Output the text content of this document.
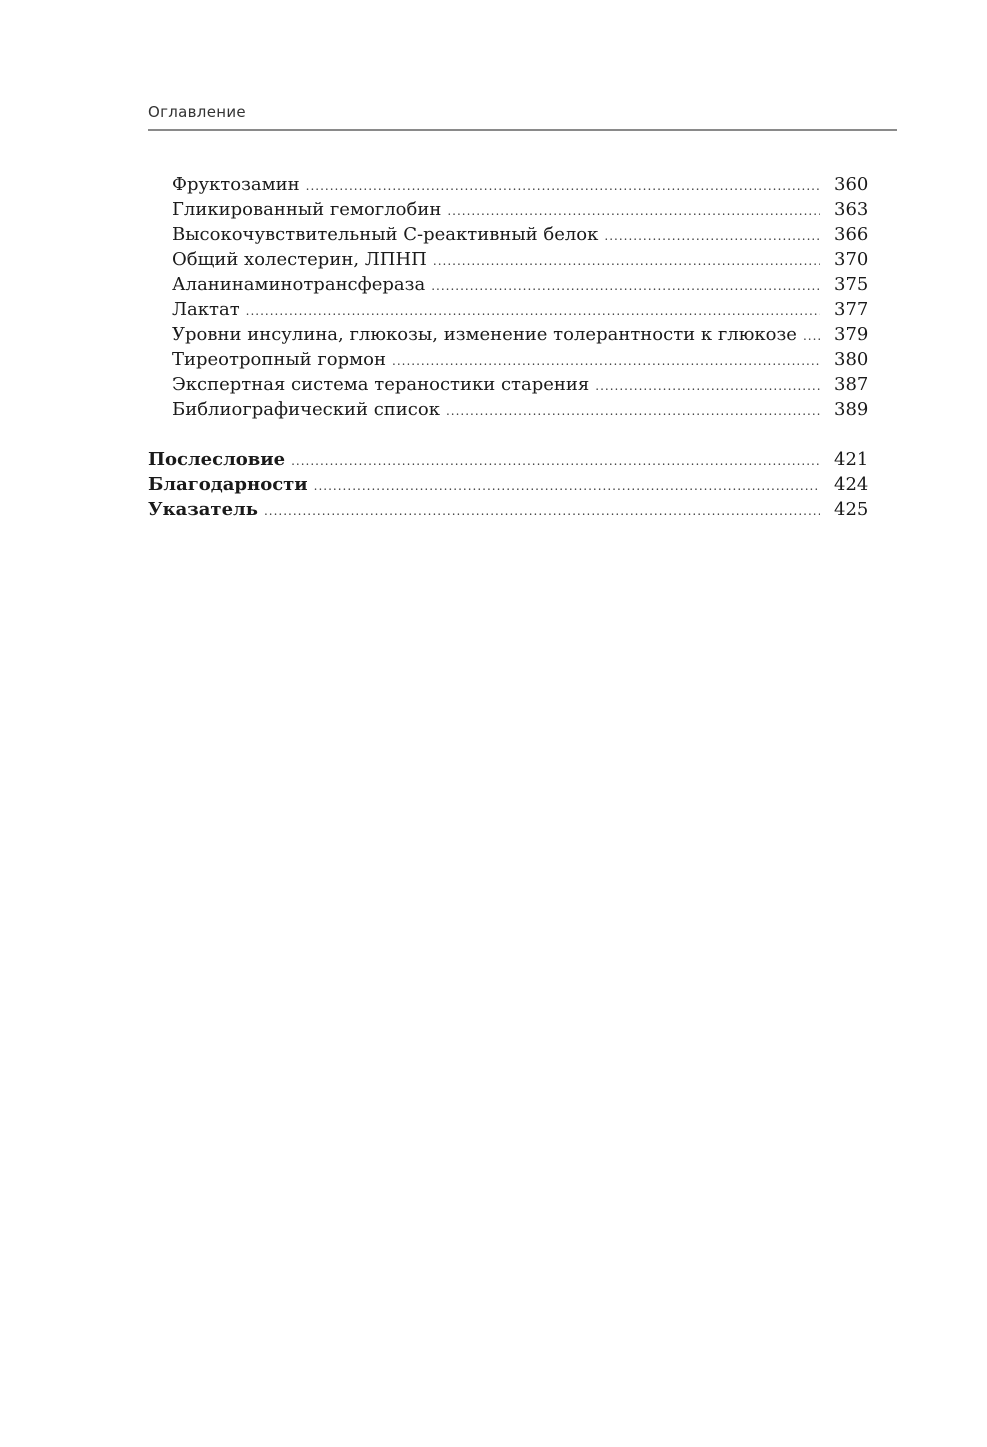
Оглавление
Фруктозамин .....	360
Гликированный гемоглобин .....	363
Высокочувствительный С-реактивный белок .....	366
Общий холестерин, ЛПНП .....	370
Аланинаминотрансфераза .....	375
Лактат .....	377
Уровни инсулина, глюкозы, изменение толерантности к глюкозе .....	379
Тиреотропный гормон .....	380
Экспертная система тераностики старения .....	387
Библиографический список .....	389
Послесловие .....	421
Благодарности .....	424
Указатель .....	425
